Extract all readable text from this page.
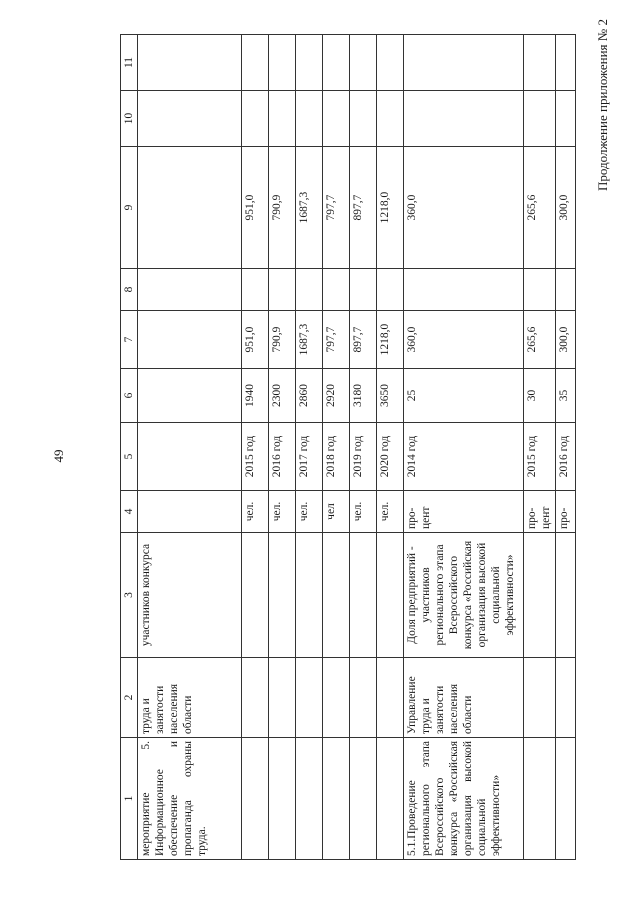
49
Продолжение приложения № 2
1	2	3	4	5	6	7	8	9	10	11
мероприятие 5. Информационное обеспечение и пропаганда охраны труда.	труда и занятости населения области	участников конкурса								
			чел.	2015 год	1940	951,0		951,0		
			чел.	2016 год	2300	790,9		790,9		
			чел.	2017 год	2860	1687,3		1687,3		
			чел	2018 год	2920	797,7		797,7		
			чел.	2019 год	3180	897,7		897,7		
			чел.	2020 год	3650	1218,0		1218,0		
5.1.Проведение регионального этапа Всероссийского конкурса «Российская организация высокой социальной эффективности»	Управление труда и занятости населения области	Доля предприятий - участников регионального этапа Всероссийского конкурса «Российская организация высокой социальной эффективности»	про-цент	2014 год	25	360,0		360,0		
			про-цент	2015 год	30	265,6		265,6		
			про-	2016 год	35	300,0		300,0		
